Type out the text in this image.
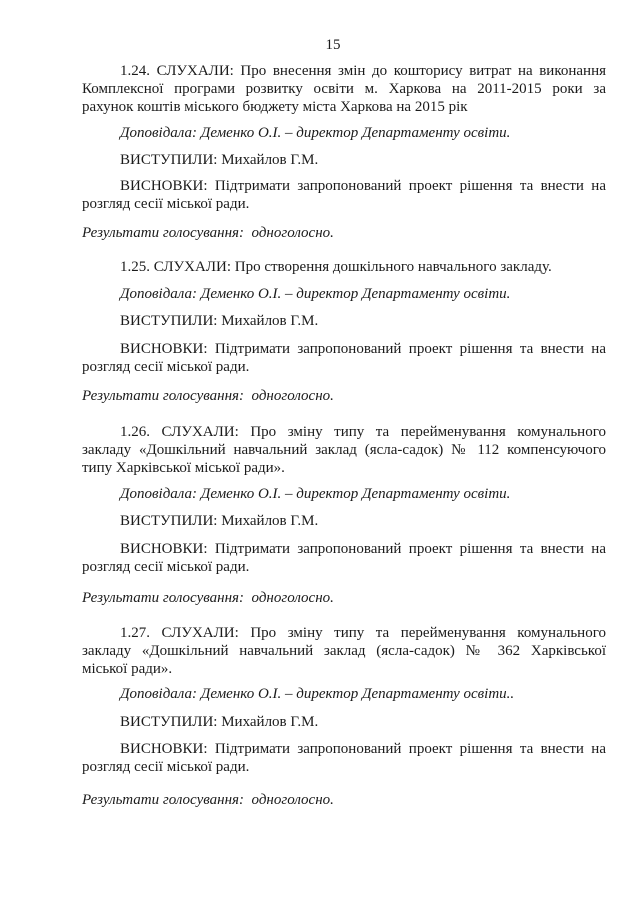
15
1.24. СЛУХАЛИ: Про внесення змін до кошторису витрат на виконання
Комплексної програми розвитку освіти м. Харкова на 2011-2015 роки за
рахунок коштів міського бюджету міста Харкова на 2015 рік
Доповідала: Деменко О.І. – директор Департаменту освіти.
ВИСТУПИЛИ: Михайлов Г.М.
ВИСНОВКИ: Підтримати запропонований проект рішення та внести на
розгляд сесії міської ради.
Результати голосування:  одноголосно.
1.25. СЛУХАЛИ: Про створення дошкільного навчального закладу.
Доповідала: Деменко О.І. – директор Департаменту освіти.
ВИСТУПИЛИ: Михайлов Г.М.
ВИСНОВКИ: Підтримати запропонований проект рішення та внести на
розгляд сесії міської ради.
Результати голосування:  одноголосно.
1.26. СЛУХАЛИ: Про зміну типу та перейменування комунального
закладу «Дошкільний навчальний заклад (ясла-садок) № 112 компенсуючого
типу Харківської міської ради».
Доповідала: Деменко О.І. – директор Департаменту освіти.
ВИСТУПИЛИ: Михайлов Г.М.
ВИСНОВКИ: Підтримати запропонований проект рішення та внести на
розгляд сесії міської ради.
Результати голосування:  одноголосно.
1.27. СЛУХАЛИ: Про зміну типу та перейменування комунального
закладу «Дошкільний навчальний заклад (ясла-садок) № 362 Харківської
міської ради».
Доповідала: Деменко О.І. – директор Департаменту освіти..
ВИСТУПИЛИ: Михайлов Г.М.
ВИСНОВКИ: Підтримати запропонований проект рішення та внести на
розгляд сесії міської ради.
Результати голосування:  одноголосно.
